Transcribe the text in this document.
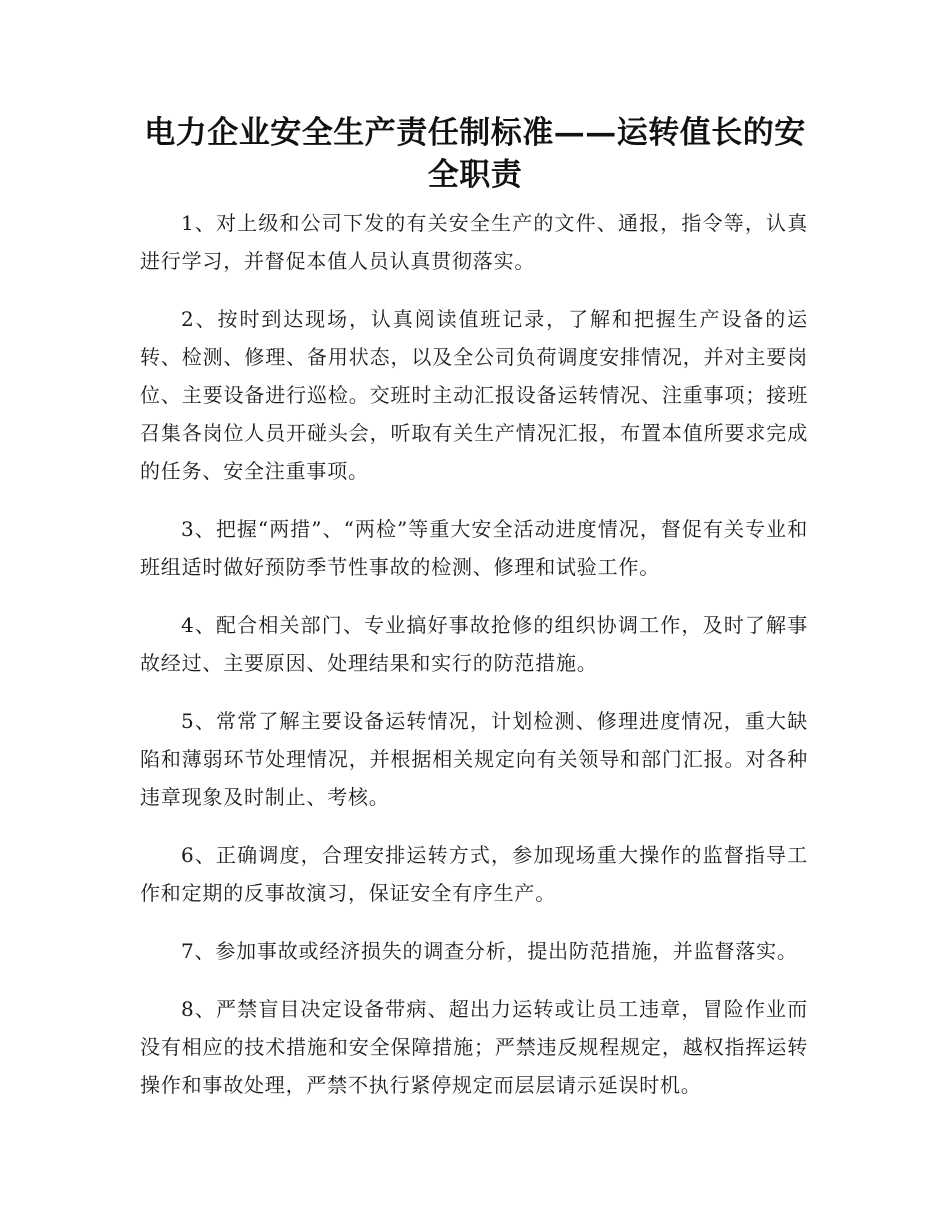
电力企业安全生产责任制标准——运转值长的安全职责

1、对上级和公司下发的有关安全生产的文件、通报，指令等，认真进行学习，并督促本值人员认真贯彻落实。

2、按时到达现场，认真阅读值班记录，了解和把握生产设备的运转、检测、修理、备用状态，以及全公司负荷调度安排情况，并对主要岗位、主要设备进行巡检。交班时主动汇报设备运转情况、注重事项；接班召集各岗位人员开碰头会，听取有关生产情况汇报，布置本值所要求完成的任务、安全注重事项。

3、把握“两措”、“两检”等重大安全活动进度情况，督促有关专业和班组适时做好预防季节性事故的检测、修理和试验工作。

4、配合相关部门、专业搞好事故抢修的组织协调工作，及时了解事故经过、主要原因、处理结果和实行的防范措施。

5、常常了解主要设备运转情况，计划检测、修理进度情况，重大缺陷和薄弱环节处理情况，并根据相关规定向有关领导和部门汇报。对各种违章现象及时制止、考核。

6、正确调度，合理安排运转方式，参加现场重大操作的监督指导工作和定期的反事故演习，保证安全有序生产。

7、参加事故或经济损失的调查分析，提出防范措施，并监督落实。

8、严禁盲目决定设备带病、超出力运转或让员工违章，冒险作业而没有相应的技术措施和安全保障措施；严禁违反规程规定，越权指挥运转操作和事故处理，严禁不执行紧停规定而层层请示延误时机。
